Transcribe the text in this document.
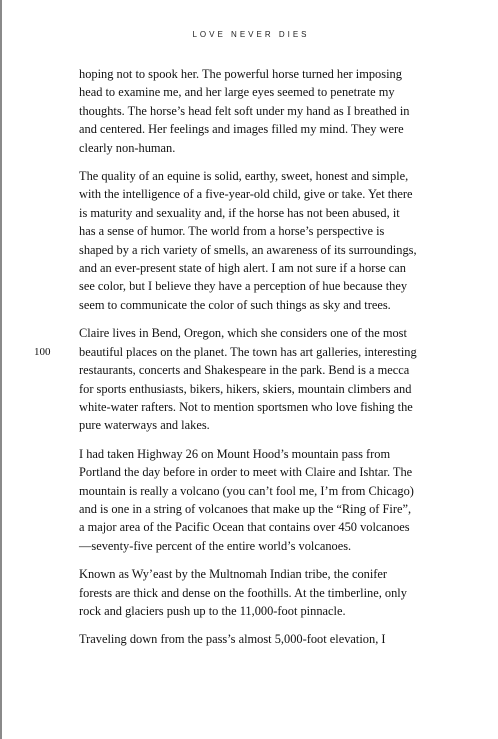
LOVE NEVER DIES
100

hoping not to spook her. The powerful horse turned her imposing head to examine me, and her large eyes seemed to penetrate my thoughts. The horse’s head felt soft under my hand as I breathed in and centered. Her feelings and images filled my mind. They were clearly non-human.

The quality of an equine is solid, earthy, sweet, honest and simple, with the intelligence of a five-year-old child, give or take. Yet there is maturity and sexuality and, if the horse has not been abused, it has a sense of humor. The world from a horse’s perspective is shaped by a rich variety of smells, an awareness of its surroundings, and an ever-present state of high alert. I am not sure if a horse can see color, but I believe they have a perception of hue because they seem to communicate the color of such things as sky and trees.

Claire lives in Bend, Oregon, which she considers one of the most beautiful places on the planet. The town has art galleries, interesting restaurants, concerts and Shakespeare in the park. Bend is a mecca for sports enthusiasts, bikers, hikers, skiers, mountain climbers and white-water rafters. Not to mention sportsmen who love fishing the pure waterways and lakes.

I had taken Highway 26 on Mount Hood’s mountain pass from Portland the day before in order to meet with Claire and Ishtar. The mountain is really a volcano (you can’t fool me, I’m from Chicago) and is one in a string of volcanoes that make up the “Ring of Fire”, a major area of the Pacific Ocean that contains over 450 volcanoes—seventy-five percent of the entire world’s volcanoes.

Known as Wy’east by the Multnomah Indian tribe, the conifer forests are thick and dense on the foothills. At the timberline, only rock and glaciers push up to the 11,000-foot pinnacle.

Traveling down from the pass’s almost 5,000-foot elevation, I
